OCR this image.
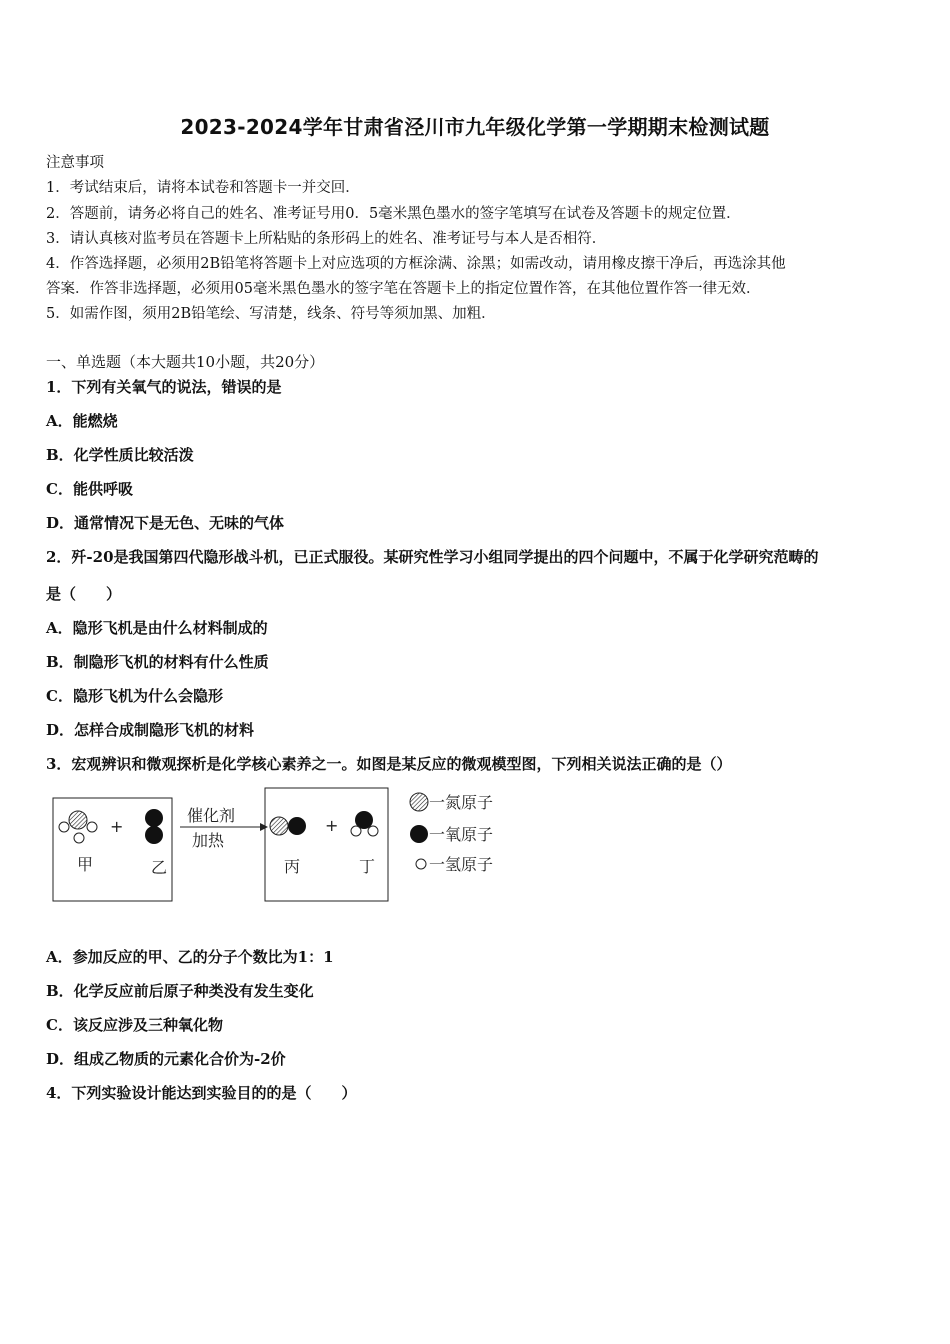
2023-2024学年甘肃省泾川市九年级化学第一学期期末检测试题
注意事项
1．考试结束后，请将本试卷和答题卡一并交回．
2．答题前，请务必将自己的姓名、准考证号用0．5毫米黑色墨水的签字笔填写在试卷及答题卡的规定位置．
3．请认真核对监考员在答题卡上所粘贴的条形码上的姓名、准考证号与本人是否相符．
4．作答选择题，必须用2B铅笔将答题卡上对应选项的方框涂满、涂黑；如需改动，请用橡皮擦干净后，再选涂其他
答案．作答非选择题，必须用05毫米黑色墨水的签字笔在答题卡上的指定位置作答，在其他位置作答一律无效．
5．如需作图，须用2B铅笔绘、写清楚，线条、符号等须加黑、加粗．
一、单选题（本大题共10小题，共20分）
1．下列有关氧气的说法，错误的是
A．能燃烧
B．化学性质比较活泼
C．能供呼吸
D．通常情况下是无色、无味的气体
2．歼-20是我国第四代隐形战斗机，已正式服役。某研究性学习小组同学提出的四个问题中，不属于化学研究范畴的
是（　　）
A．隐形飞机是由什么材料制成的
B．制隐形飞机的材料有什么性质
C．隐形飞机为什么会隐形
D．怎样合成制隐形飞机的材料
3．宏观辨识和微观探析是化学核心素养之一。如图是某反应的微观模型图，下列相关说法正确的是（）
+
甲	乙
催化剂
加热
+
丙	丁
一氮原子
一氧原子
一氢原子
A．参加反应的甲、乙的分子个数比为1：1
B．化学反应前后原子种类没有发生变化
C．该反应涉及三种氧化物
D．组成乙物质的元素化合价为-2价
4．下列实验设计能达到实验目的的是（　　）
